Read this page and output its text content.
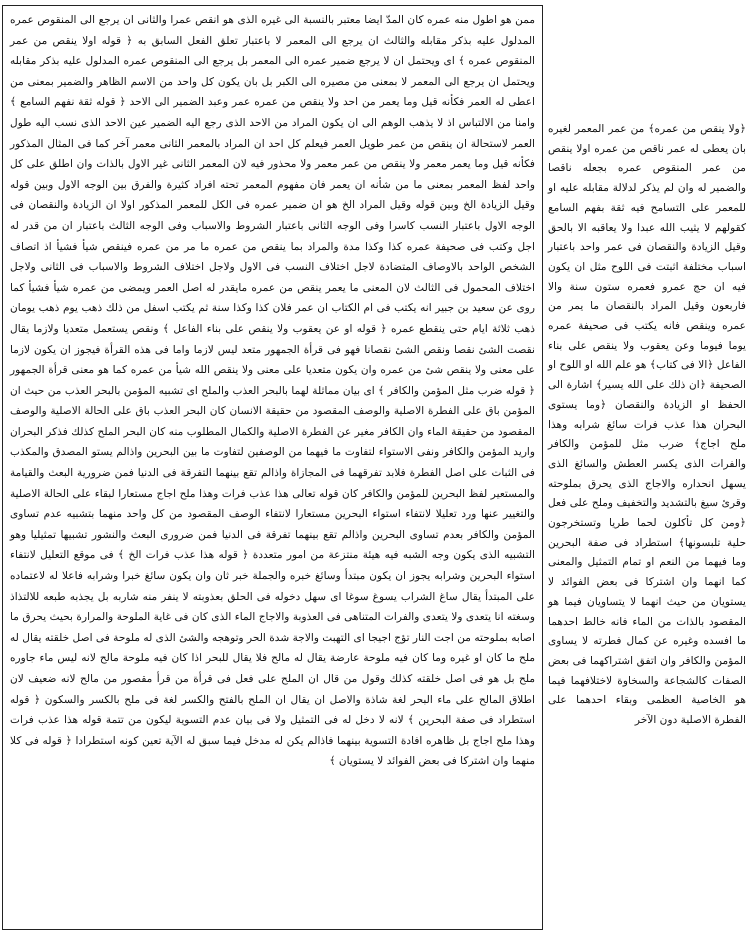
ممن هو اطول منه عمره كان المدّ ايضا معتبر بالنسبة الى غيره الذى هو انقص عمرا والثانى ان يرجع الى المنقوص عمره المدلول عليه بذكر مقابله والثالث ان يرجع الى المعمر لا باعتبار تعلق الفعل السابق به ﴿ قوله اولا ينقص من عمر المنقوص عمره ﴾ اى ويحتمل ان لا يرجع ضمير عمره الى المعمر بل يرجع الى المنقوص عمره المدلول عليه بذكر مقابله ويحتمل ان يرجع الى المعمر لا بمعنى من مصيره الى الكبر بل بان يكون كل واحد من الاسم الظاهر والضمير بمعنى من اعطى له العمر فكأنه قيل وما يعمر من احد ولا ينقص من عمره عمر وعبد الضمير الى الاحد ﴿ قوله ثقة نفهم السامع ﴾ وامنا من الالتباس اذ لا يذهب الوهم الى ان يكون المراد من الاحد الذى رجع اليه الضمير عين الاحد الذى نسب اليه طول العمر لاستحالة ان ينقص من عمر طويل العمر فيعلم كل احد ان المراد بالمعمر الثانى معمر آخر كما فى المثال المذكور فكأنه قيل وما يعمر معمر ولا ينقص من عمر معمر ولا محذور فيه لان المعمر الثانى غير الاول بالذات وان اطلق على كل واحد لفظ المعمر بمعنى ما من شأنه ان يعمر فان مفهوم المعمر تحته افراد كثيرة والفرق بين الوجه الاول وبين قوله وقيل الزيادة الخ وبين قوله وقيل المراد الخ هو ان ضمير عمره فى الكل للمعمر المذكور اولا ان الزيادة والنقصان فى الوجه الاول باعتبار النسب كاسرا وفى الوجه الثانى باعتبار الشروط والاسباب وفى الوجه الثالث باعتبار ان من قدر له اجل وكتب فى صحيفة عمره كذا وكذا مدة والمراد بما ينقص من عمره ما مر من عمره فينقص شيأ فشيأ اذ اتصاف الشخص الواحد بالاوصاف المتضادة لاجل اختلاف النسب فى الاول ولاجل اختلاف الشروط والاسباب فى الثانى ولاجل اختلاف المحمول فى الثالث لان المعنى ما يعمر ينقص من عمره مايقدر له اصل العمر ويمضى من عمره شيأ فشيأ كما روى عن سعيد بن جبير انه يكتب فى ام الكتاب ان عمر فلان كذا وكذا سنة ثم يكتب اسفل من ذلك ذهب يوم ذهب يومان ذهب ثلاثة ايام حتى ينقطع عمره ﴿ قوله او عن يعقوب ولا ينقص على بناء الفاعل ﴾ ونقص يستعمل متعديا ولازما يقال نقصت الشئ نقصا ونقص الشئ نقصانا فهو فى قرأة الجمهور متعد ليس لازما واما فى هذه القرأة فيجوز ان يكون لازما على معنى ولا ينقص شئ من عمره وان يكون متعديا على معنى ولا ينقص الله شيأ من عمره كما هو معنى قرأة الجمهور ﴿ قوله ضرب مثل المؤمن والكافر ﴾ اى بيان مماثلة لهما بالبحر العذب والملح اى تشبيه المؤمن بالبحر العذب من حيث ان المؤمن باق على الفطرة الاصلية والوصف المقصود من حقيقة الانسان كان البحر العذب باق على الحالة الاصلية والوصف المقصود من حقيقة الماء وان الكافر مغير عن الفطرة الاصلية والكمال المطلوب منه كان البحر الملح كذلك فذكر البحران واريد المؤمن والكافر ونفى الاستواء لتفاوت ما فيهما من الوصفين لتفاوت ما بين البحرين واذالم يستو المصدق والمكذب فى الثبات على اصل الفطرة فلابد تفرقهما فى المجازاة واذالم تقع بينهما التفرقة فى الدنيا فمن ضرورية البعث والقيامة والمستعير لفظ البحرين للمؤمن والكافر كان قوله تعالى هذا عذب فرات وهذا ملح اجاج مستعارا لبقاء على الحالة الاصلية والتغيير عنها ورد تعليلا لانتفاء استواء البحرين مستعارا لانتفاء الوصف المقصود من كل واحد منهما بتشبيه عدم تساوى المؤمن والكافر بعدم تساوى البحرين واذالم تقع بينهما تفرقة فى الدنيا فمن ضرورى البعث والنشور تشبيها تمثيليا وهو التشبيه الذى يكون وجه الشبه فيه هيئة منتزعة من امور متعددة ﴿ قوله هذا عذب فرات الخ ﴾ فى موقع التعليل لانتفاء استواء البحرين وشرابه يجوز ان يكون مبتدأ وسائغ خبره والجملة خبر ثان وان يكون سائغ خبرا وشرابه فاعلا له لاعتماده على المبتدأ يقال ساغ الشراب يسوغ سوغا اى سهل دخوله فى الحلق بعذوبته لا ينفر منه شاربه بل يجذبه طبعه للالتذاذ وسغته انا يتعدى ولا يتعدى والفرات المتناهى فى العذوبة والاجاج الماء الذى كان فى غاية الملوحة والمرارة بحيث يحرق ما اصابه بملوحته من اجت النار تؤج اجيجا اى التهبت والاجة شدة الحر وتوهجه والشئ الذى له ملوحة فى اصل خلقته يقال له ملح ما كان او غيره وما كان فيه ملوحة عارضة يقال له مالح فلا يقال للبحر اذا كان فيه ملوحة مالح لانه ليس ماء جاوره ملح بل هو فى اصل خلقته كذلك وقول من قال ان الملح على فعل فى قرأة من قرأ مقصور من مالح لانه ضعيف لان اطلاق المالح على ماء البحر لغة شاذة والاصل ان يقال ان الملح بالفتح والكسر لغة فى ملح بالكسر والسكون ﴿ قوله استطراد فى صفة البحرين ﴾ لانه لا دخل له فى التمثيل ولا فى بيان عدم التسوية ليكون من تتمة قوله هذا عذب فرات وهذا ملح اجاج بل ظاهره افادة التسوية بينهما فاذالم يكن له مدخل فيما سبق له الآية تعين كونه استطرادا ﴿ قوله فى كلا منهما وان اشتركا فى بعض الفوائد لا يستويان ﴾

﴿ولا ينقص من عمره﴾ من عمر المعمر لغيره بان يعطى له عمر ناقص من عمره اولا ينقص من عمر المنقوص عمره بجعله ناقصا والضمير له وان لم يذكر لدلالة مقابله عليه او للمعمر على التسامح فيه ثقة بفهم السامع كقولهم لا يثيب الله عبدا ولا يعاقبه الا بالحق وقيل الزيادة والنقصان فى عمر واحد باعتبار اسباب مختلفة اثبتت فى اللوح مثل ان يكون فيه ان حج عمرو فعمره ستون سنة والا فاربعون وقيل المراد بالنقصان ما يمر من عمره وينقص فانه يكتب فى صحيفة عمره يوما فيوما وعن يعقوب ولا ينقص على بناء الفاعل ﴿الا فى كتاب﴾ هو علم الله او اللوح او الصحيفة ﴿ان ذلك على الله يسير﴾ اشارة الى الحفظ او الزيادة والنقصان ﴿وما يستوى البحران هذا عذب فرات سائغ شرابه وهذا ملح اجاج﴾ ضرب مثل للمؤمن والكافر والفرات الذى يكسر العطش والسائغ الذى يسهل انحداره والاجاج الذى يحرق بملوحته وقرئ سيغ بالتشديد والتخفيف وملح على فعل ﴿ومن كل تأكلون لحما طريا وتستخرجون حلية تلبسونها﴾ استطراد فى صفة البحرين وما فيهما من النعم او تمام التمثيل والمعنى كما انهما وان اشتركا فى بعض الفوائد لا يستويان من حيث انهما لا يتساويان فيما هو المقصود بالذات من الماء فانه خالط احدهما ما افسده وغيره عن كمال فطرته لا يساوى المؤمن والكافر وان اتفق اشتراكهما فى بعض الصفات كالشجاعة والسخاوة لاختلافهما فيما هو الخاصية العظمى وبقاء احدهما على الفطرة الاصلية دون الآخر
